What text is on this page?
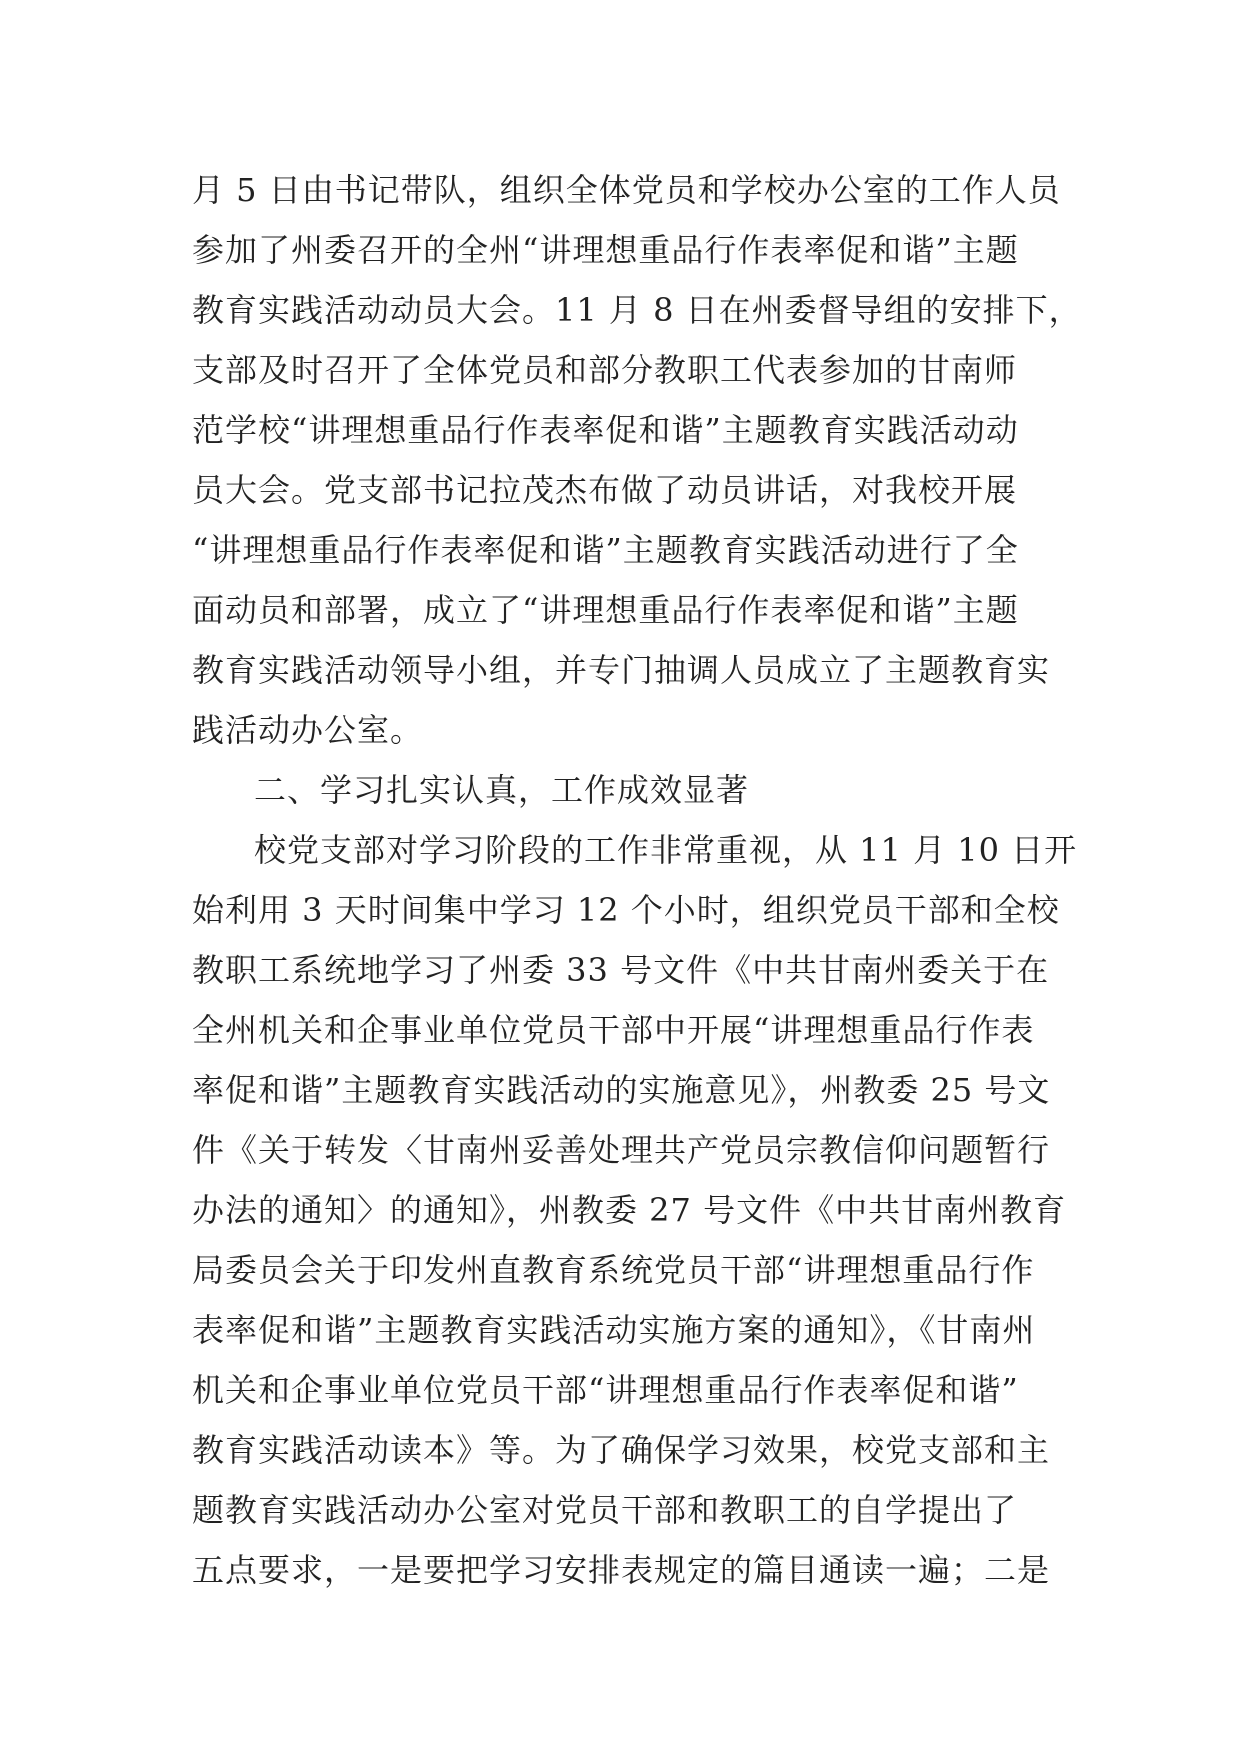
月 5 日由书记带队，组织全体党员和学校办公室的工作人员
参加了州委召开的全州“讲理想重品行作表率促和谐”主题
教育实践活动动员大会。11 月 8 日在州委督导组的安排下，
支部及时召开了全体党员和部分教职工代表参加的甘南师
范学校“讲理想重品行作表率促和谐”主题教育实践活动动
员大会。党支部书记拉茂杰布做了动员讲话，对我校开展
“讲理想重品行作表率促和谐”主题教育实践活动进行了全
面动员和部署，成立了“讲理想重品行作表率促和谐”主题
教育实践活动领导小组，并专门抽调人员成立了主题教育实
践活动办公室。
二、学习扎实认真，工作成效显著
校党支部对学习阶段的工作非常重视，从 11 月 10 日开
始利用 3 天时间集中学习 12 个小时，组织党员干部和全校
教职工系统地学习了州委 33 号文件《中共甘南州委关于在
全州机关和企事业单位党员干部中开展“讲理想重品行作表
率促和谐”主题教育实践活动的实施意见》，州教委 25 号文
件《关于转发〈甘南州妥善处理共产党员宗教信仰问题暂行
办法的通知〉的通知》，州教委 27 号文件《中共甘南州教育
局委员会关于印发州直教育系统党员干部“讲理想重品行作
表率促和谐”主题教育实践活动实施方案的通知》，《甘南州
机关和企事业单位党员干部“讲理想重品行作表率促和谐”
教育实践活动读本》等。为了确保学习效果，校党支部和主
题教育实践活动办公室对党员干部和教职工的自学提出了
五点要求，一是要把学习安排表规定的篇目通读一遍；二是
